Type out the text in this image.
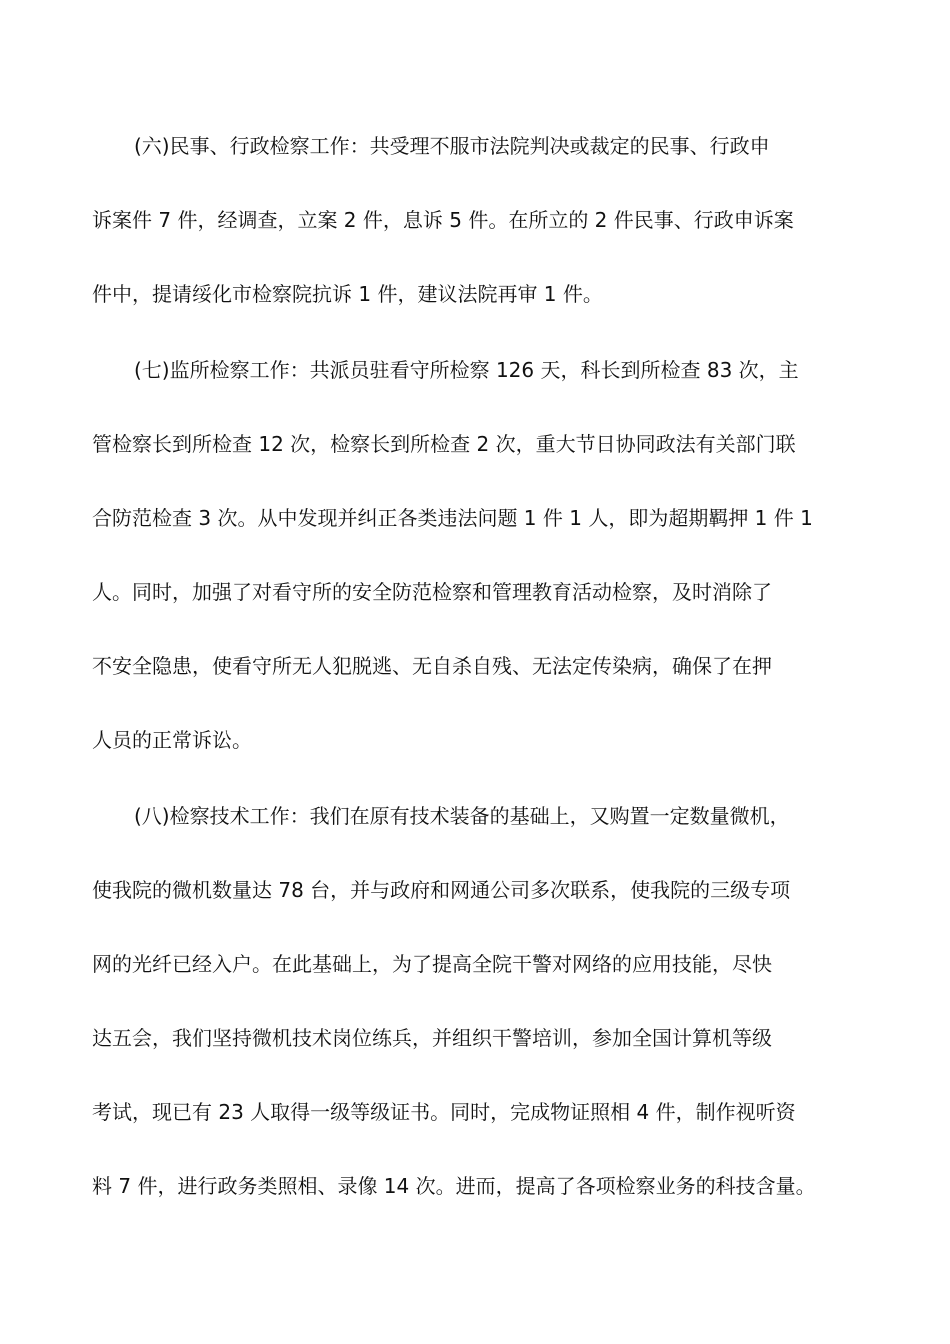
(六)民事、行政检察工作：共受理不服市法院判决或裁定的民事、行政申
诉案件 7 件，经调查，立案 2 件，息诉 5 件。在所立的 2 件民事、行政申诉案
件中，提请绥化市检察院抗诉 1 件，建议法院再审 1 件。
(七)监所检察工作：共派员驻看守所检察 126 天，科长到所检查 83 次，主
管检察长到所检查 12 次，检察长到所检查 2 次，重大节日协同政法有关部门联
合防范检查 3 次。从中发现并纠正各类违法问题 1 件 1 人，即为超期羁押 1 件 1
人。同时，加强了对看守所的安全防范检察和管理教育活动检察，及时消除了
不安全隐患，使看守所无人犯脱逃、无自杀自残、无法定传染病，确保了在押
人员的正常诉讼。
(八)检察技术工作：我们在原有技术装备的基础上，又购置一定数量微机，
使我院的微机数量达 78 台，并与政府和网通公司多次联系，使我院的三级专项
网的光纤已经入户。在此基础上，为了提高全院干警对网络的应用技能，尽快
达五会，我们坚持微机技术岗位练兵，并组织干警培训，参加全国计算机等级
考试，现已有 23 人取得一级等级证书。同时，完成物证照相 4 件，制作视听资
料 7 件，进行政务类照相、录像 14 次。进而，提高了各项检察业务的科技含量。
